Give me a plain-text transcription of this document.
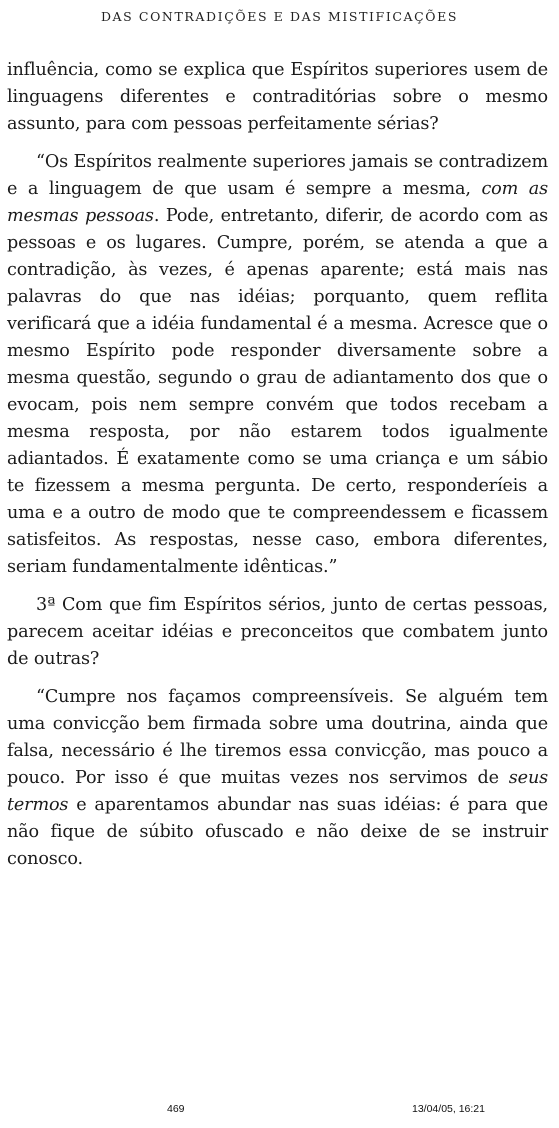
DAS CONTRADIÇÕES E DAS MISTIFICAÇÕES

influência, como se explica que Espíritos superiores usem de linguagens diferentes e contraditórias sobre o mesmo assunto, para com pessoas perfeitamente sérias?

“Os Espíritos realmente superiores jamais se contradizem e a linguagem de que usam é sempre a mesma, com as mesmas pessoas. Pode, entretanto, diferir, de acordo com as pessoas e os lugares. Cumpre, porém, se atenda a que a contradição, às vezes, é apenas aparente; está mais nas palavras do que nas idéias; porquanto, quem reflita verificará que a idéia fundamental é a mesma. Acresce que o mesmo Espírito pode responder diversamente sobre a mesma questão, segundo o grau de adiantamento dos que o evocam, pois nem sempre convém que todos recebam a mesma resposta, por não estarem todos igualmente adiantados. É exatamente como se uma criança e um sábio te fizessem a mesma pergunta. De certo, responderíeis a uma e a outro de modo que te compreendessem e ficassem satisfeitos. As respostas, nesse caso, embora diferentes, seriam fundamentalmente idênticas.”

3ª Com que fim Espíritos sérios, junto de certas pessoas, parecem aceitar idéias e preconceitos que combatem junto de outras?

“Cumpre nos façamos compreensíveis. Se alguém tem uma convicção bem firmada sobre uma doutrina, ainda que falsa, necessário é lhe tiremos essa convicção, mas pouco a pouco. Por isso é que muitas vezes nos servimos de seus termos e aparentamos abundar nas suas idéias: é para que não fique de súbito ofuscado e não deixe de se instruir conosco.

469	13/04/05, 16:21
